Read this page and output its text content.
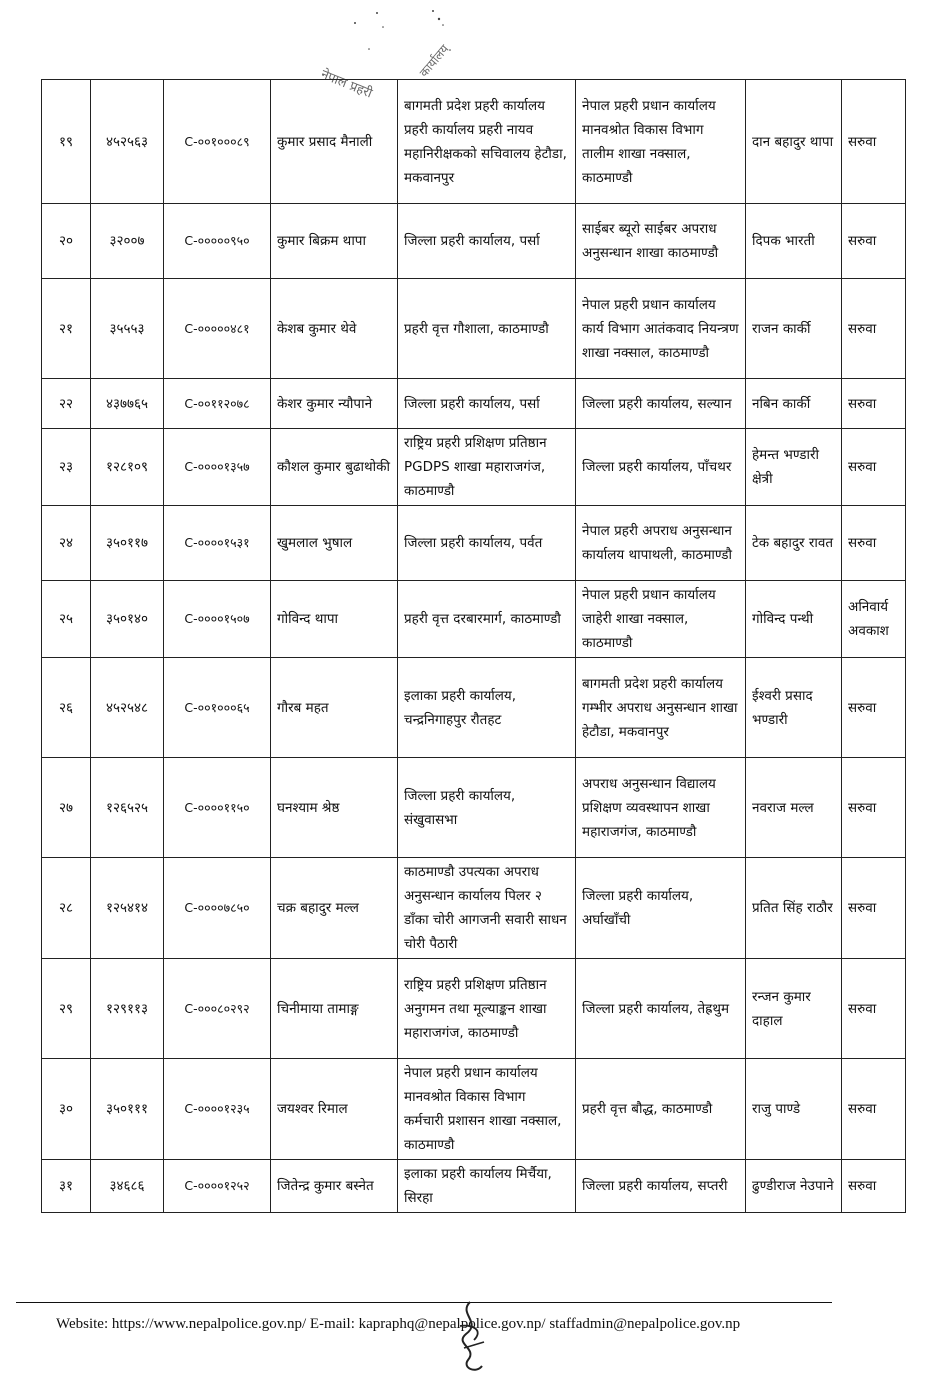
नेपाल प्रहरी
कार्यालय
१९	४५२५६३	C-००१०००८९	कुमार प्रसाद मैनाली	बागमती प्रदेश प्रहरी कार्यालय प्रहरी कार्यालय प्रहरी नायव महानिरीक्षकको सचिवालय हेटौडा, मकवानपुर	नेपाल प्रहरी प्रधान कार्यालय मानवश्रोत विकास विभाग तालीम शाखा नक्साल, काठमाण्डौ	दान बहादुर थापा	सरुवा
२०	३२००७	C-०००००९५०	कुमार बिक्रम थापा	जिल्ला प्रहरी कार्यालय, पर्सा	साईबर ब्यूरो साईबर अपराध अनुसन्धान शाखा काठमाण्डौ	दिपक भारती	सरुवा
२१	३५५५३	C-०००००४८१	केशब कुमार थेवे	प्रहरी वृत्त गौशाला, काठमाण्डौ	नेपाल प्रहरी प्रधान कार्यालय कार्य विभाग आतंकवाद नियन्त्रण शाखा नक्साल, काठमाण्डौ	राजन कार्की	सरुवा
२२	४३७७६५	C-००११२०७८	केशर कुमार न्यौपाने	जिल्ला प्रहरी कार्यालय, पर्सा	जिल्ला प्रहरी कार्यालय, सल्यान	नबिन कार्की	सरुवा
२३	१२८१०९	C-००००१३५७	कौशल कुमार बुढाथोकी	राष्ट्रिय प्रहरी प्रशिक्षण प्रतिष्ठान PGDPS शाखा महाराजगंज, काठमाण्डौ	जिल्ला प्रहरी कार्यालय, पाँचथर	हेमन्त भण्डारी क्षेत्री	सरुवा
२४	३५०११७	C-००००१५३१	खुमलाल भुषाल	जिल्ला प्रहरी कार्यालय, पर्वत	नेपाल प्रहरी अपराध अनुसन्धान कार्यालय थापाथली, काठमाण्डौ	टेक बहादुर रावत	सरुवा
२५	३५०१४०	C-००००१५०७	गोविन्द थापा	प्रहरी वृत्त दरबारमार्ग, काठमाण्डौ	नेपाल प्रहरी प्रधान कार्यालय जाहेरी शाखा नक्साल, काठमाण्डौ	गोविन्द पन्थी	अनिवार्य अवकाश
२६	४५२५४८	C-००१०००६५	गौरब महत	इलाका प्रहरी कार्यालय, चन्द्रनिगाहपुर रौतहट	बागमती प्रदेश प्रहरी कार्यालय गम्भीर अपराध अनुसन्धान शाखा हेटौडा, मकवानपुर	ईश्वरी प्रसाद भण्डारी	सरुवा
२७	१२६५२५	C-००००११५०	घनश्याम श्रेष्ठ	जिल्ला प्रहरी कार्यालय, संखुवासभा	अपराध अनुसन्धान विद्यालय प्रशिक्षण व्यवस्थापन शाखा महाराजगंज, काठमाण्डौ	नवराज मल्ल	सरुवा
२८	१२५४१४	C-००००७८५०	चक्र बहादुर मल्ल	काठमाण्डौ उपत्यका अपराध अनुसन्धान कार्यालय पिलर २ डाँका चोरी आगजनी सवारी साधन चोरी पैठारी	जिल्ला प्रहरी कार्यालय, अर्घाखाँची	प्रतित सिंह राठौर	सरुवा
२९	१२९११३	C-०००८०२९२	चिनीमाया तामाङ्ग	राष्ट्रिय प्रहरी प्रशिक्षण प्रतिष्ठान अनुगमन तथा मूल्याङ्कन शाखा महाराजगंज, काठमाण्डौ	जिल्ला प्रहरी कार्यालय, तेह्रथुम	रन्जन कुमार दाहाल	सरुवा
३०	३५०१११	C-००००१२३५	जयश्वर रिमाल	नेपाल प्रहरी प्रधान कार्यालय मानवश्रोत विकास विभाग कर्मचारी प्रशासन शाखा नक्साल, काठमाण्डौ	प्रहरी वृत्त बौद्ध, काठमाण्डौ	राजु पाण्डे	सरुवा
३१	३४६८६	C-००००१२५२	जितेन्द्र कुमार बस्नेत	इलाका प्रहरी कार्यालय मिर्चैया, सिरहा	जिल्ला प्रहरी कार्यालय, सप्तरी	ढुण्डीराज नेउपाने	सरुवा
Website: https://www.nepalpolice.gov.np/ E-mail: kapraphq@nepalpolice.gov.np/ staffadmin@nepalpolice.gov.np
